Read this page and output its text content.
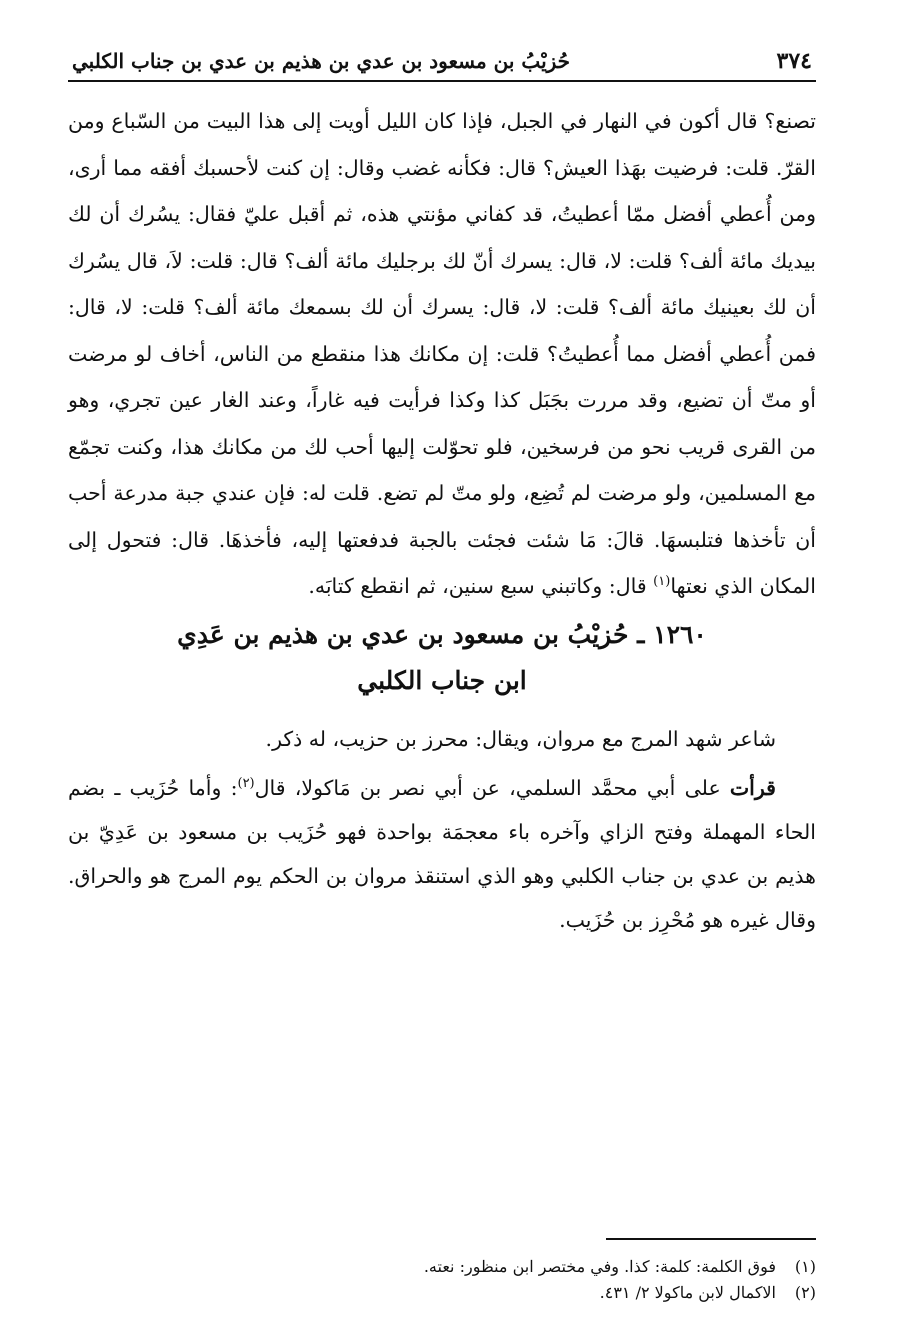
٣٧٤
حُزيْبُ بن مسعود بن عدي بن هذيم بن عدي بن جناب الكلبي

تصنع؟ قال أكون في النهار في الجبل، فإذا كان الليل أويت إلى هذا البيت من السّباع ومن القرّ. قلت: فرضيت بهَذا العيش؟ قال: فكأنه غضب وقال: إن كنت لأحسبك أفقه مما أرى، ومن أُعطي أفضل ممّا أعطيتُ، قد كفاني مؤنتي هذه، ثم أقبل عليّ فقال: يسُرك أن لك بيديك مائة ألف؟ قلت: لا، قال: يسرك أنّ لك برجليك مائة ألف؟ قال: قلت: لاَ، قال يسُرك أن لك بعينيك مائة ألف؟ قلت: لا، قال: يسرك أن لك بسمعك مائة ألف؟ قلت: لا، قال: فمن أُعطي أفضل مما أُعطيتُ؟ قلت: إن مكانك هذا منقطع من الناس، أخاف لو مرضت أو متّ أن تضيع، وقد مررت بجَبَل كذا وكذا فرأيت فيه غاراً، وعند الغار عين تجري، وهو من القرى قريب نحو من فرسخين، فلو تحوّلت إليها أحب لك من مكانك هذا، وكنت تجمّع مع المسلمين، ولو مرضت لم تُضِع، ولو متّ لم تضع. قلت له: فإن عندي جبة مدرعة أحب أن تأخذها فتلبسهَا. قالَ: مَا شئت فجئت بالجبة فدفعتها إليه، فأخذهَا. قال: فتحول إلى المكان الذي نعتها$^{(١)}$ قال: وكاتبني سبع سنين، ثم انقطع كتابَه.

١٢٦٠ ـ حُزيْبُ بن مسعود بن عدي بن هذيم بن عَدِي
ابن جناب الكلبي
شاعر شهد المرج مع مروان، ويقال: محرز بن حزيب، له ذكر.

قرأت على أبي محمَّد السلمي، عن أبي نصر بن مَاكولا، قال$^{(٢)}$: وأما حُزَيب ـ بضم الحاء المهملة وفتح الزاي وآخره باء معجمَة بواحدة فهو حُزَيب بن مسعود بن عَدِيّ بن هذيم بن عدي بن جناب الكلبي وهو الذي استنقذ مروان بن الحكم يوم المرج هو والحراق. وقال غيره هو مُحْرِز بن حُزَيب.

(١)فوق الكلمة: كلمة: كذا. وفي مختصر ابن منظور: نعته.

(٢)الاكمال لابن ماكولا ٢/ ٤٣١.
